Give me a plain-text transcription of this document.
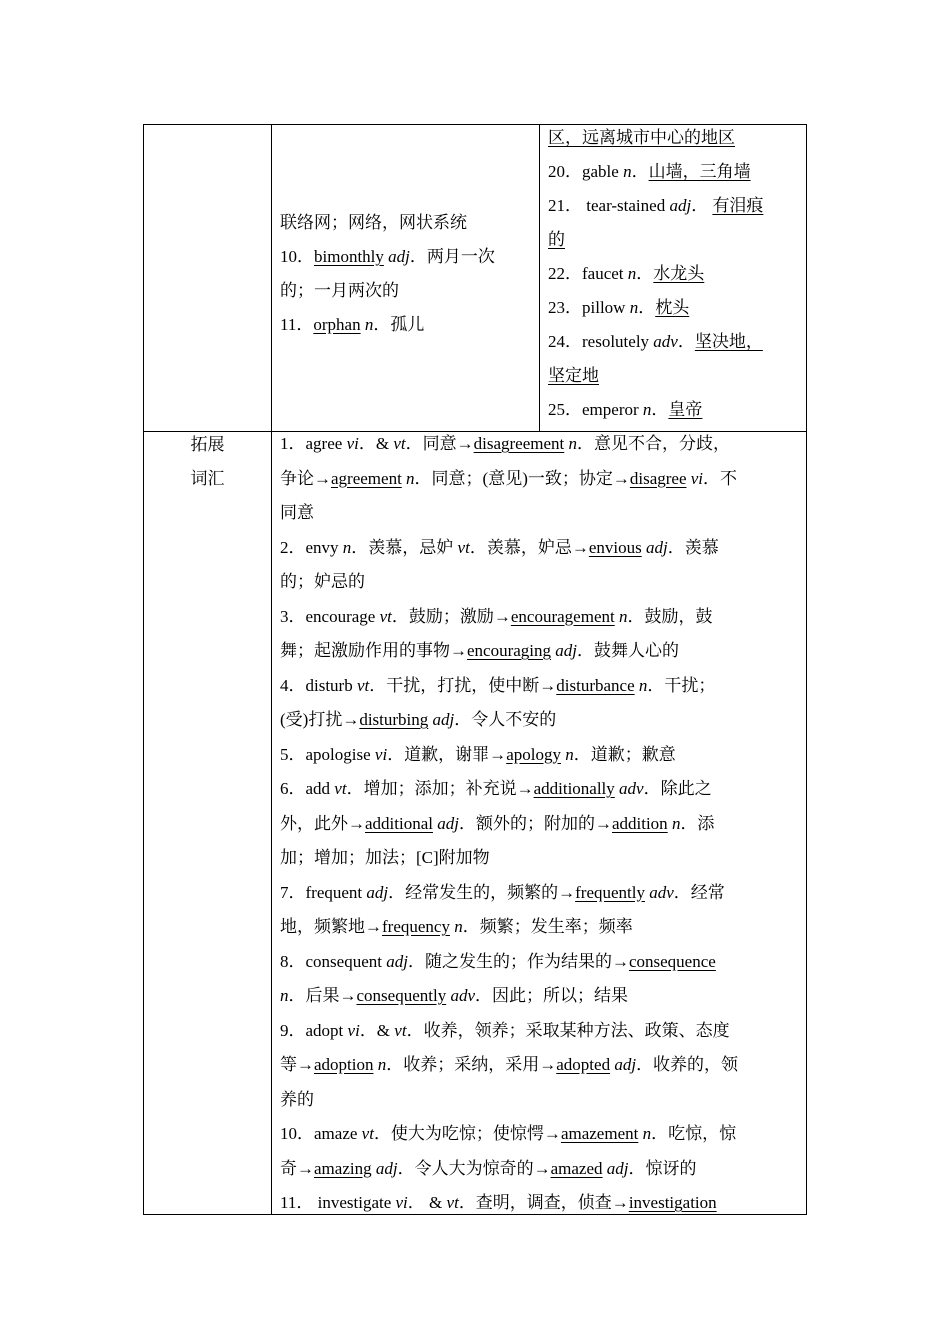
联络网；网络，网状系统

10．bimonthly adj．两月一次

的；一月两次的

11．orphan n．孤儿

区，远离城市中心的地区

20．gable n．山墙，三角墙

21． tear-stained adj． 有泪痕

的

22．faucet n．水龙头

23．pillow n．枕头

24．resolutely adv．坚决地，

坚定地

25．emperor n．皇帝

拓展
词汇

1．agree vi．& vt．同意→disagreement n．意见不合，分歧，

争论→agreement n．同意；(意见)一致；协定→disagree vi．不

同意

2．envy n．羡慕，忌妒 vt．羡慕，妒忌→envious adj．羡慕

的；妒忌的

3．encourage vt．鼓励；激励→encouragement n．鼓励，鼓

舞；起激励作用的事物→encouraging adj．鼓舞人心的

4．disturb vt．干扰，打扰，使中断→disturbance n．干扰；

(受)打扰→disturbing adj．令人不安的

5．apologise vi．道歉，谢罪→apology n．道歉；歉意

6．add vt．增加；添加；补充说→additionally adv．除此之

外，此外→additional adj．额外的；附加的→addition n．添

加；增加；加法；[C]附加物

7．frequent adj．经常发生的，频繁的→frequently adv．经常

地，频繁地→frequency n．频繁；发生率；频率

8．consequent adj．随之发生的；作为结果的→consequence

n．后果→consequently adv．因此；所以；结果

9．adopt vi．& vt．收养，领养；采取某种方法、政策、态度

等→adoption n．收养；采纳，采用→adopted adj．收养的，领

养的

10．amaze vt．使大为吃惊；使惊愕→amazement n．吃惊，惊

奇→amazing adj．令人大为惊奇的→amazed adj．惊讶的

11． investigate vi． & vt．查明，调查，侦查→investigation
